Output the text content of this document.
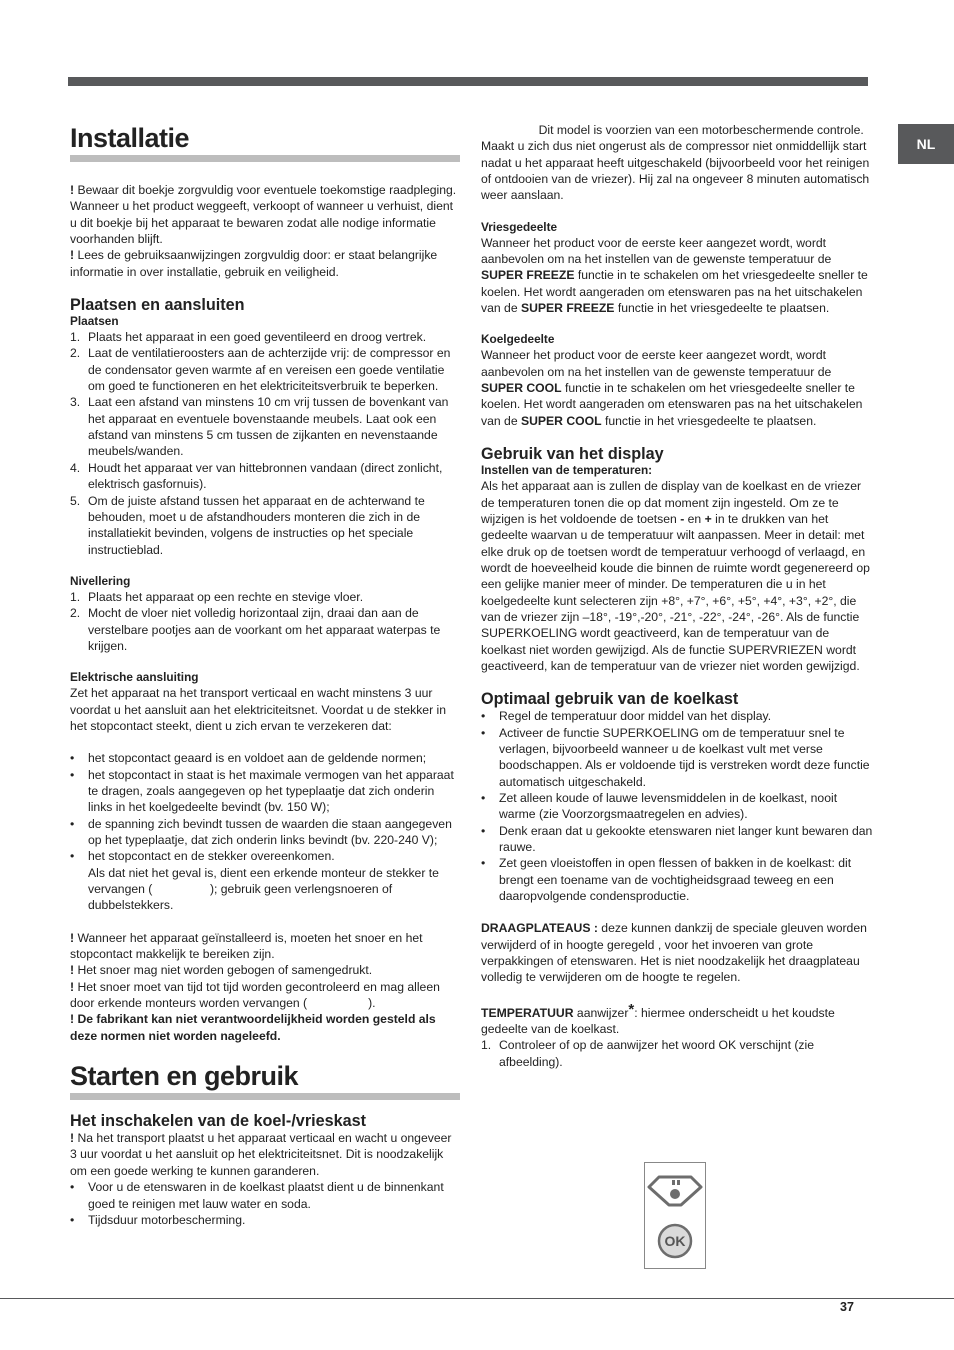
NL
Installatie

! Bewaar dit boekje zorgvuldig voor eventuele toekomstige raadpleging. Wanneer u het product weggeeft, verkoopt of wanneer u verhuist, dient u dit boekje bij het apparaat te bewaren zodat alle nodige informatie voorhanden blijft.

! Lees de gebruiksaanwijzingen zorgvuldig door: er staat belangrijke informatie in over installatie, gebruik en veiligheid.

Plaatsen en aansluiten
Plaatsen
1. Plaats het apparaat in een goed geventileerd en droog vertrek.
2. Laat de ventilatieroosters aan de achterzijde vrij: de compressor en de condensator geven warmte af en vereisen een goede ventilatie om goed te functioneren en het elektriciteitsverbruik te beperken.
3. Laat een afstand van minstens 10 cm vrij tussen de bovenkant van het apparaat en eventuele bovenstaande meubels. Laat ook een afstand van minstens 5 cm tussen de zijkanten en nevenstaande meubels/wanden.
4. Houdt het apparaat ver van hittebronnen vandaan (direct zonlicht, elektrisch gasfornuis).
5. Om de juiste afstand tussen het apparaat en de achterwand te behouden, moet u de afstandhouders monteren die zich in de installatiekit bevinden, volgens de instructies op het speciale instructieblad.
Nivellering
1. Plaats het apparaat op een rechte en stevige vloer.
2. Mocht de vloer niet volledig horizontaal zijn, draai dan aan de verstelbare pootjes aan de voorkant om het apparaat waterpas te krijgen.
Elektrische aansluiting

Zet het apparaat na het transport verticaal en wacht minstens 3 uur voordat u het aansluit aan het elektriciteitsnet. Voordat u de stekker in het stopcontact steekt, dient u zich ervan te verzekeren dat:

• het stopcontact geaard is en voldoet aan de geldende normen;
• het stopcontact in staat is het maximale vermogen van het apparaat te dragen, zoals aangegeven op het typeplaatje dat zich onderin links in het koelgedeelte bevindt (bv. 150 W);
• de spanning zich bevindt tussen de waarden die staan aangegeven op het typeplaatje, dat zich onderin links bevindt (bv. 220-240 V);
• het stopcontact en de stekker overeenkomen.
Als dat niet het geval is, dient een erkende monteur de stekker te vervangen (	); gebruik geen verlengsnoeren of dubbelstekkers.

! Wanneer het apparaat geïnstalleerd is, moeten het snoer en het stopcontact makkelijk te bereiken zijn.

! Het snoer mag niet worden gebogen of samengedrukt.

! Het snoer moet van tijd tot tijd worden gecontroleerd en mag alleen door erkende monteurs worden vervangen (	).

! De fabrikant kan niet verantwoordelijkheid worden gesteld als deze normen niet worden nageleefd.

Starten en gebruik
Het inschakelen van de koel-/vrieskast

! Na het transport plaatst u het apparaat verticaal en wacht u ongeveer 3 uur voordat u het aansluit op het elektriciteitsnet. Dit is noodzakelijk om een goede werking te kunnen garanderen.

• Voor u de etenswaren in de koelkast plaatst dient u de binnenkant goed te reinigen met lauw water en soda.
• Tijdsduur motorbescherming.

Dit model is voorzien van een motorbeschermende controle. Maakt u zich dus niet ongerust als de compressor niet onmiddellijk start nadat u het apparaat heeft uitgeschakeld (bijvoorbeeld voor het reinigen of ontdooien van de vriezer). Hij zal na ongeveer 8 minuten automatisch weer aanslaan.

Vriesgedeelte

Wanneer het product voor de eerste keer aangezet wordt, wordt aanbevolen om na het instellen van de gewenste temperatuur de SUPER FREEZE functie in te schakelen om het vriesgedeelte sneller te koelen. Het wordt aangeraden om etenswaren pas na het uitschakelen van de SUPER FREEZE functie in het vriesgedeelte te plaatsen.

Koelgedeelte

Wanneer het product voor de eerste keer aangezet wordt, wordt aanbevolen om na het instellen van de gewenste temperatuur de SUPER COOL functie in te schakelen om het vriesgedeelte sneller te koelen. Het wordt aangeraden om etenswaren pas na het uitschakelen van de SUPER COOL functie in het vriesgedeelte te plaatsen.

Gebruik van het display
Instellen van de temperaturen:

Als het apparaat aan is zullen de display van de koelkast en de vriezer de temperaturen tonen die op dat moment zijn ingesteld. Om ze te wijzigen is het voldoende de toetsen - en + in te drukken van het gedeelte waarvan u de temperatuur wilt aanpassen. Meer in detail: met elke druk op de toetsen wordt de temperatuur verhoogd of verlaagd, en wordt de hoeveelheid koude die binnen de ruimte wordt gegenereerd op een gelijke manier meer of minder. De temperaturen die u in het koelgedeelte kunt selecteren zijn +8°, +7°, +6°, +5°, +4°, +3°, +2°, die van de vriezer zijn –18°, -19°,-20°, -21°, -22°, -24°, -26°. Als de functie SUPERKOELING wordt geactiveerd, kan de temperatuur van de koelkast niet worden gewijzigd. Als de functie SUPERVRIEZEN wordt geactiveerd, kan de temperatuur van de vriezer niet worden gewijzigd.

Optimaal gebruik van de koelkast
• Regel de temperatuur door middel van het display.
• Activeer de functie SUPERKOELING om de temperatuur snel te verlagen, bijvoorbeeld wanneer u de koelkast vult met verse boodschappen. Als er voldoende tijd is verstreken wordt deze functie automatisch uitgeschakeld.
• Zet alleen koude of lauwe levensmiddelen in de koelkast, nooit warme (zie Voorzorgsmaatregelen en advies).
• Denk eraan dat u gekookte etenswaren niet langer kunt bewaren dan rauwe.
• Zet geen vloeistoffen in open flessen of bakken in de koelkast: dit brengt een toename van de vochtigheidsgraad teweeg en een daaropvolgende condensproductie.

DRAAGPLATEAUS : deze kunnen dankzij de speciale gleuven worden verwijderd of in hoogte geregeld , voor het invoeren van grote verpakkingen of etenswaren. Het is niet noodzakelijk het draagplateau volledig te verwijderen om de hoogte te regelen.

TEMPERATUUR aanwijzer*: hiermee onderscheidt u het koudste gedeelte van de koelkast.

1. Controleer of op de aanwijzer het woord OK verschijnt (zie afbeelding).
OK
37
